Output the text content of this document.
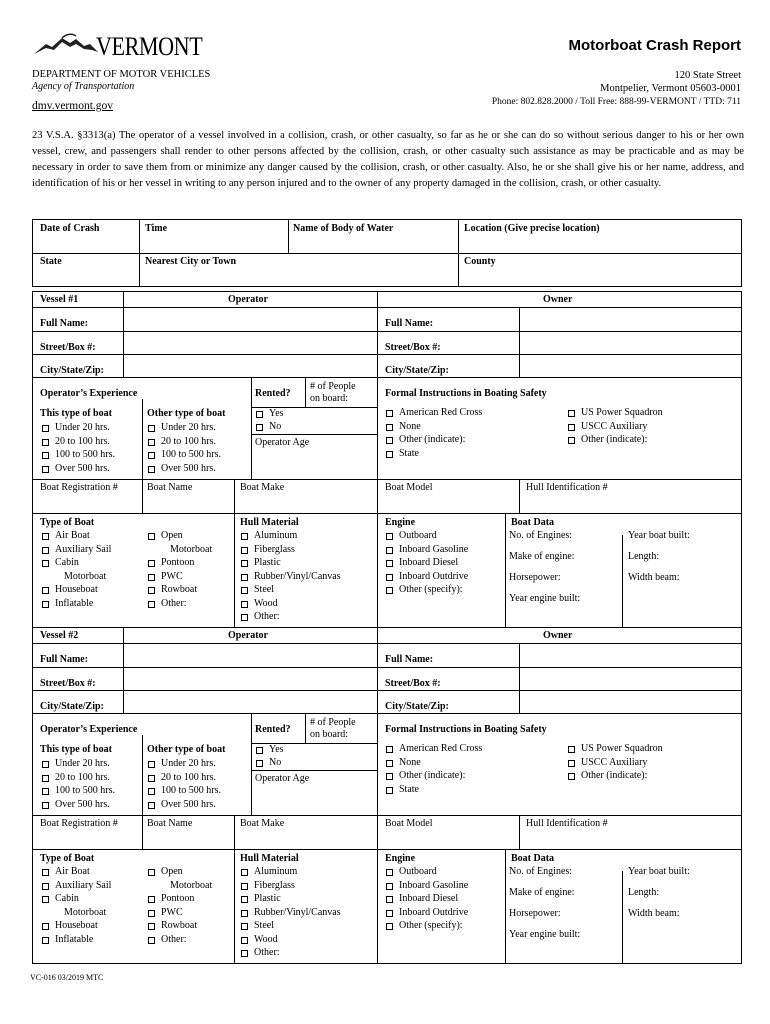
VERMONT	Motorboat Crash Report
DEPARTMENT OF MOTOR VEHICLES
Agency of Transportation
dmv.vermont.gov
120 State Street
Montpelier, Vermont 05603-0001
Phone: 802.828.2000 / Toll Free: 888-99-VERMONT / TTD: 711
23 V.S.A. §3313(a) The operator of a vessel involved in a collision, crash, or other casualty, so far as he or she can do so without serious danger to his or her own vessel, crew, and passengers shall render to other persons affected by the collision, crash, or other casualty such assistance as may be practicable and as may be necessary in order to save them from or minimize any danger caused by the collision, crash, or other casualty. Also, he or she shall give his or her name, address, and identification of his or her vessel in writing to any person injured and to the owner of any property damaged in the collision, crash, or other casualty.
Date of Crash	Time	Name of Body of Water	Location (Give precise location)
State	Nearest City or Town	County
Vessel #1	Operator	Owner
Full Name:
Street/Box #:
City/State/Zip:
Full Name:
Street/Box #:
City/State/Zip:
Operator’s Experience	Rented?
# of People
on board:	Formal Instructions in Boating Safety
This type of boat	Other type of boat
Under 20 hrs.	Under 20 hrs.
20 to 100 hrs.	20 to 100 hrs.
100 to 500 hrs.	100 to 500 hrs.
Over 500 hrs.	Over 500 hrs.
Yes
No
Operator Age
American Red Cross
None
Other (indicate):
State
US Power Squadron
USCC Auxiliary
Other (indicate):
Boat Registration #	Boat Name	Boat Make	Boat Model	Hull Identification #
Type of Boat
Air Boat
Auxiliary Sail
Cabin
Houseboat
Inflatable
Motorboat
Open
Motorboat
Pontoon
PWC
Rowboat
Other:
Hull Material
Aluminum
Fiberglass
Plastic
Rubber/Vinyl/Canvas
Steel
Wood
Other:
Engine
Outboard
Inboard Gasoline
Inboard Diesel
Inboard Outdrive
Other (specify):
Boat Data
No. of Engines:	Year boat built:
Make of engine:	Length:
Horsepower:	Width beam:
Year engine built:
Vessel #2	Operator	Owner
Full Name:
Street/Box #:
City/State/Zip:
Full Name:
Street/Box #:
City/State/Zip:
Operator’s Experience	Rented?
# of People
on board:	Formal Instructions in Boating Safety
This type of boat	Other type of boat
Under 20 hrs.	Under 20 hrs.
20 to 100 hrs.	20 to 100 hrs.
100 to 500 hrs.	100 to 500 hrs.
Over 500 hrs.	Over 500 hrs.
Yes
No
Operator Age
American Red Cross
None
Other (indicate):
State
US Power Squadron
USCC Auxiliary
Other (indicate):
Boat Registration #	Boat Name	Boat Make	Boat Model	Hull Identification #
Type of Boat
Air Boat
Auxiliary Sail
Cabin
Houseboat
Inflatable
Motorboat
Open
Motorboat
Pontoon
PWC
Rowboat
Other:
Hull Material
Aluminum
Fiberglass
Plastic
Rubber/Vinyl/Canvas
Steel
Wood
Other:
Engine
Outboard
Inboard Gasoline
Inboard Diesel
Inboard Outdrive
Other (specify):
Boat Data
No. of Engines:	Year boat built:
Make of engine:	Length:
Horsepower:	Width beam:
Year engine built:
VC-016 03/2019 MTC
